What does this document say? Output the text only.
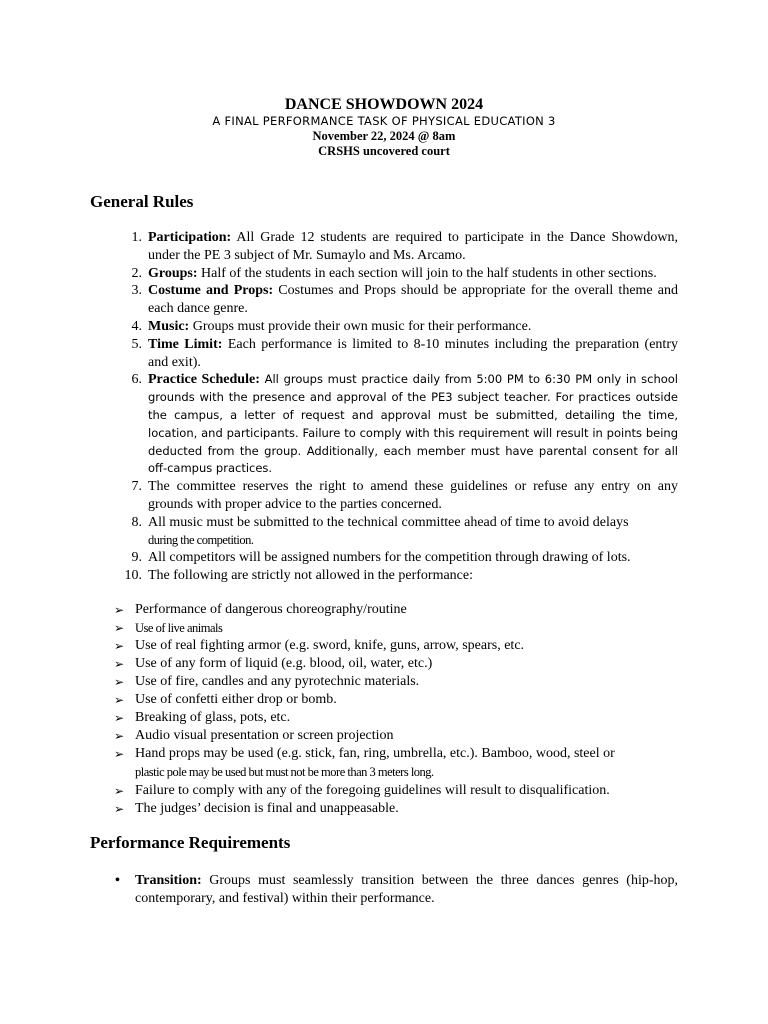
DANCE SHOWDOWN 2024
A FINAL PERFORMANCE TASK OF PHYSICAL EDUCATION 3
November 22, 2024 @ 8am
CRSHS uncovered court
General Rules
1. Participation: All Grade 12 students are required to participate in the Dance Showdown, under the PE 3 subject of Mr. Sumaylo and Ms. Arcamo.
2. Groups: Half of the students in each section will join to the half students in other sections.
3. Costume and Props: Costumes and Props should be appropriate for the overall theme and each dance genre.
4. Music: Groups must provide their own music for their performance.
5. Time Limit: Each performance is limited to 8-10 minutes including the preparation (entry and exit).
6. Practice Schedule: All groups must practice daily from 5:00 PM to 6:30 PM only in school grounds with the presence and approval of the PE3 subject teacher. For practices outside the campus, a letter of request and approval must be submitted, detailing the time, location, and participants. Failure to comply with this requirement will result in points being deducted from the group. Additionally, each member must have parental consent for all off-campus practices.
7. The committee reserves the right to amend these guidelines or refuse any entry on any grounds with proper advice to the parties concerned.
8. All music must be submitted to the technical committee ahead of time to avoid delays
during the competition.
9. All competitors will be assigned numbers for the competition through drawing of lots.
10. The following are strictly not allowed in the performance:
➢ Performance of dangerous choreography/routine
➢ Use of live animals
➢ Use of real fighting armor (e.g. sword, knife, guns, arrow, spears, etc.
➢ Use of any form of liquid (e.g. blood, oil, water, etc.)
➢ Use of fire, candles and any pyrotechnic materials.
➢ Use of confetti either drop or bomb.
➢ Breaking of glass, pots, etc.
➢ Audio visual presentation or screen projection
➢ Hand props may be used (e.g. stick, fan, ring, umbrella, etc.). Bamboo, wood, steel or
plastic pole may be used but must not be more than 3 meters long.
➢ Failure to comply with any of the foregoing guidelines will result to disqualification.
➢ The judges’ decision is final and unappeasable.
Performance Requirements
•	Transition: Groups must seamlessly transition between the three dances genres (hip-hop, contemporary, and festival) within their performance.
